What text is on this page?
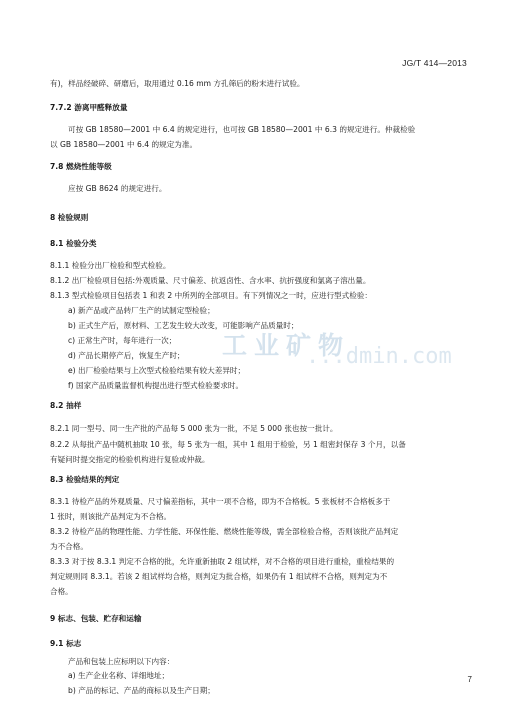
JG/T 414—2013
有)，样品经破碎、研磨后，取用通过 0.16 mm 方孔筛后的粉末进行试验。
7.7.2 游离甲醛释放量
可按 GB 18580—2001 中 6.4 的规定进行，也可按 GB 18580—2001 中 6.3 的规定进行。仲裁检验
以 GB 18580—2001 中 6.4 的规定为准。
7.8 燃烧性能等级
应按 GB 8624 的规定进行。
8 检验规则
8.1 检验分类
8.1.1 检验分出厂检验和型式检验。
8.1.2 出厂检验项目包括:外观质量、尺寸偏差、抗返卤性、含水率、抗折强度和氯离子溶出量。
8.1.3 型式检验项目包括表 1 和表 2 中所列的全部项目。有下列情况之一时，应进行型式检验：
a) 新产品或产品转厂生产的试制定型检验；
b) 正式生产后，原材料、工艺发生较大改变，可能影响产品质量时；
c) 正常生产时，每年进行一次；
d) 产品长期停产后，恢复生产时；
e) 出厂检验结果与上次型式检验结果有较大差异时；
f) 国家产品质量监督机构提出进行型式检验要求时。
8.2 抽样
8.2.1 同一型号、同一生产批的产品每 5 000 张为一批，不足 5 000 张也按一批计。
8.2.2 从每批产品中随机抽取 10 张，每 5 张为一组，其中 1 组用于检验，另 1 组密封保存 3 个月，以备
有疑问时提交指定的检验机构进行复验或仲裁。
8.3 检验结果的判定
8.3.1 待检产品的外观质量、尺寸偏差指标，其中一项不合格，即为不合格板。5 张板材不合格板多于
1 张时，则该批产品判定为不合格。
8.3.2 待检产品的物理性能、力学性能、环保性能、燃烧性能等级，需全部检验合格，否则该批产品判定
为不合格。
8.3.3 对于按 8.3.1 判定不合格的批，允许重新抽取 2 组试样，对不合格的项目进行重检，重检结果的
判定规则同 8.3.1。若该 2 组试样均合格，则判定为批合格，如果仍有 1 组试样不合格，则判定为不
合格。
9 标志、包装、贮存和运输
9.1 标志
产品和包装上应标明以下内容：
a) 生产企业名称、详细地址；
b) 产品的标记、产品的商标以及生产日期；
工业矿物
...dmin.com
7
